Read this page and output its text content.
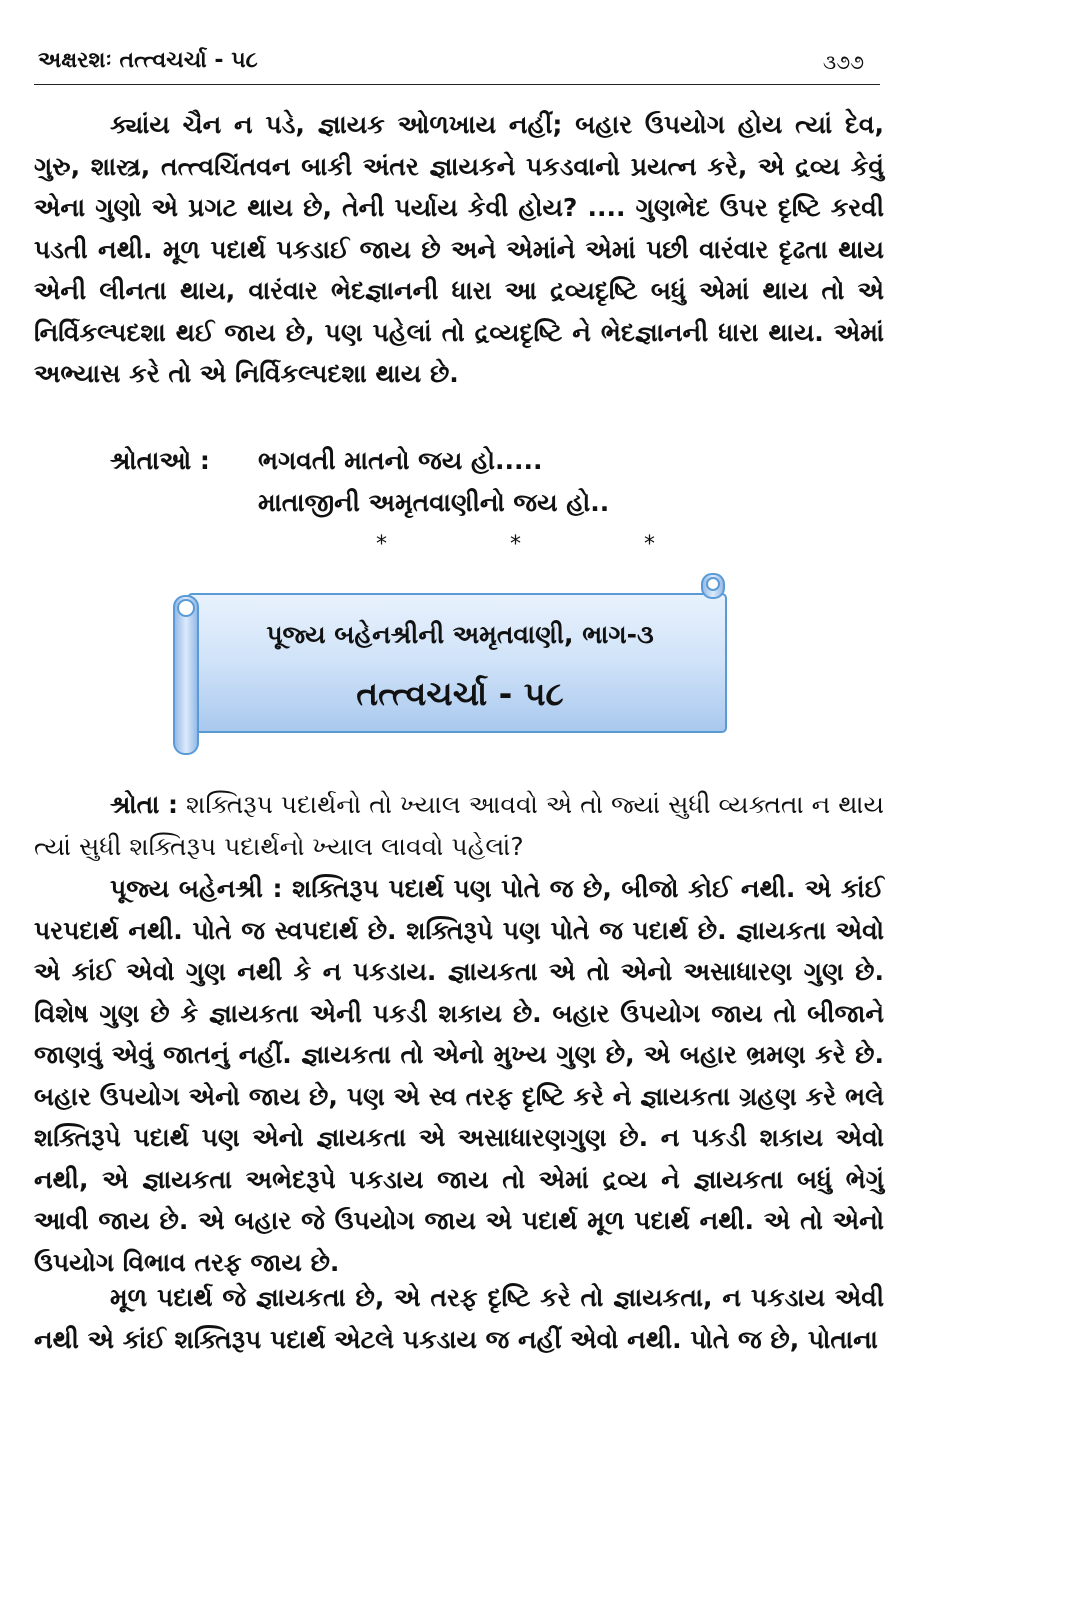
અક્ષરશઃ તત્ત્વચર્ચા - ૫૮	૩૭૭

ક્યાંય ચૈન ન પડે, જ્ઞાયક ઓળખાય નહીં; બહાર ઉપયોગ હોય ત્યાં દેવ, ગુરુ, શાસ્ત્ર, તત્ત્વચિંતવન બાકી અંતર જ્ઞાયકને પકડવાનો પ્રયત્ન કરે, એ દ્રવ્ય કેવું એના ગુણો એ પ્રગટ થાય છે, તેની પર્યાય કેવી હોય? .... ગુણભેદ ઉપર દૃષ્ટિ કરવી પડતી નથી. મૂળ પદાર્થ પકડાઈ જાય છે અને એમાંને એમાં પછી વારંવાર દૃઢતા થાય એની લીનતા થાય, વારંવાર ભેદજ્ઞાનની ધારા આ દ્રવ્યદૃષ્ટિ બધું એમાં થાય તો એ નિર્વિકલ્પદશા થઈ જાય છે, પણ પહેલાં તો દ્રવ્યદૃષ્ટિ ને ભેદજ્ઞાનની ધારા થાય. એમાં અભ્યાસ કરે તો એ નિર્વિકલ્પદશા થાય છે.

શ્રોતાઓ :	ભગવતી માતનો જય હો.....
માતાજીની અમૃતવાણીનો જય હો..
* * *
પૂજ્ય બહેનશ્રીની અમૃતવાણી, ભાગ-૩
તત્ત્વચર્ચા - ૫૮

શ્રોતા : શક્તિરૂપ પદાર્થનો તો ખ્યાલ આવવો એ તો જ્યાં સુધી વ્યક્તતા ન થાય ત્યાં સુધી શક્તિરૂપ પદાર્થનો ખ્યાલ લાવવો પહેલાં?

પૂજ્ય બહેનશ્રી : શક્તિરૂપ પદાર્થ પણ પોતે જ છે, બીજો કોઈ નથી. એ કાંઈ પરપદાર્થ નથી. પોતે જ સ્વપદાર્થ છે. શક્તિરૂપે પણ પોતે જ પદાર્થ છે. જ્ઞાયકતા એવો એ કાંઈ એવો ગુણ નથી કે ન પકડાય. જ્ઞાયકતા એ તો એનો અસાધારણ ગુણ છે. વિશેષ ગુણ છે કે જ્ઞાયકતા એની પકડી શકાય છે. બહાર ઉપયોગ જાય તો બીજાને જાણવું એવું જાતનું નહીં. જ્ઞાયકતા તો એનો મુખ્ય ગુણ છે, એ બહાર ભ્રમણ કરે છે. બહાર ઉપયોગ એનો જાય છે, પણ એ સ્વ તરફ દૃષ્ટિ કરે ને જ્ઞાયકતા ગ્રહણ કરે ભલે શક્તિરૂપે પદાર્થ પણ એનો જ્ઞાયકતા એ અસાધારણગુણ છે. ન પકડી શકાય એવો નથી, એ જ્ઞાયકતા અભેદરૂપે પકડાય જાય તો એમાં દ્રવ્ય ને જ્ઞાયકતા બધું ભેગું આવી જાય છે. એ બહાર જે ઉપયોગ જાય એ પદાર્થ મૂળ પદાર્થ નથી. એ તો એનો ઉપયોગ વિભાવ તરફ જાય છે.

મૂળ પદાર્થ જે જ્ઞાયકતા છે, એ તરફ દૃષ્ટિ કરે તો જ્ઞાયકતા, ન પકડાય એવી નથી એ કાંઈ શક્તિરૂપ પદાર્થ એટલે પકડાય જ નહીં એવો નથી. પોતે જ છે, પોતાના
